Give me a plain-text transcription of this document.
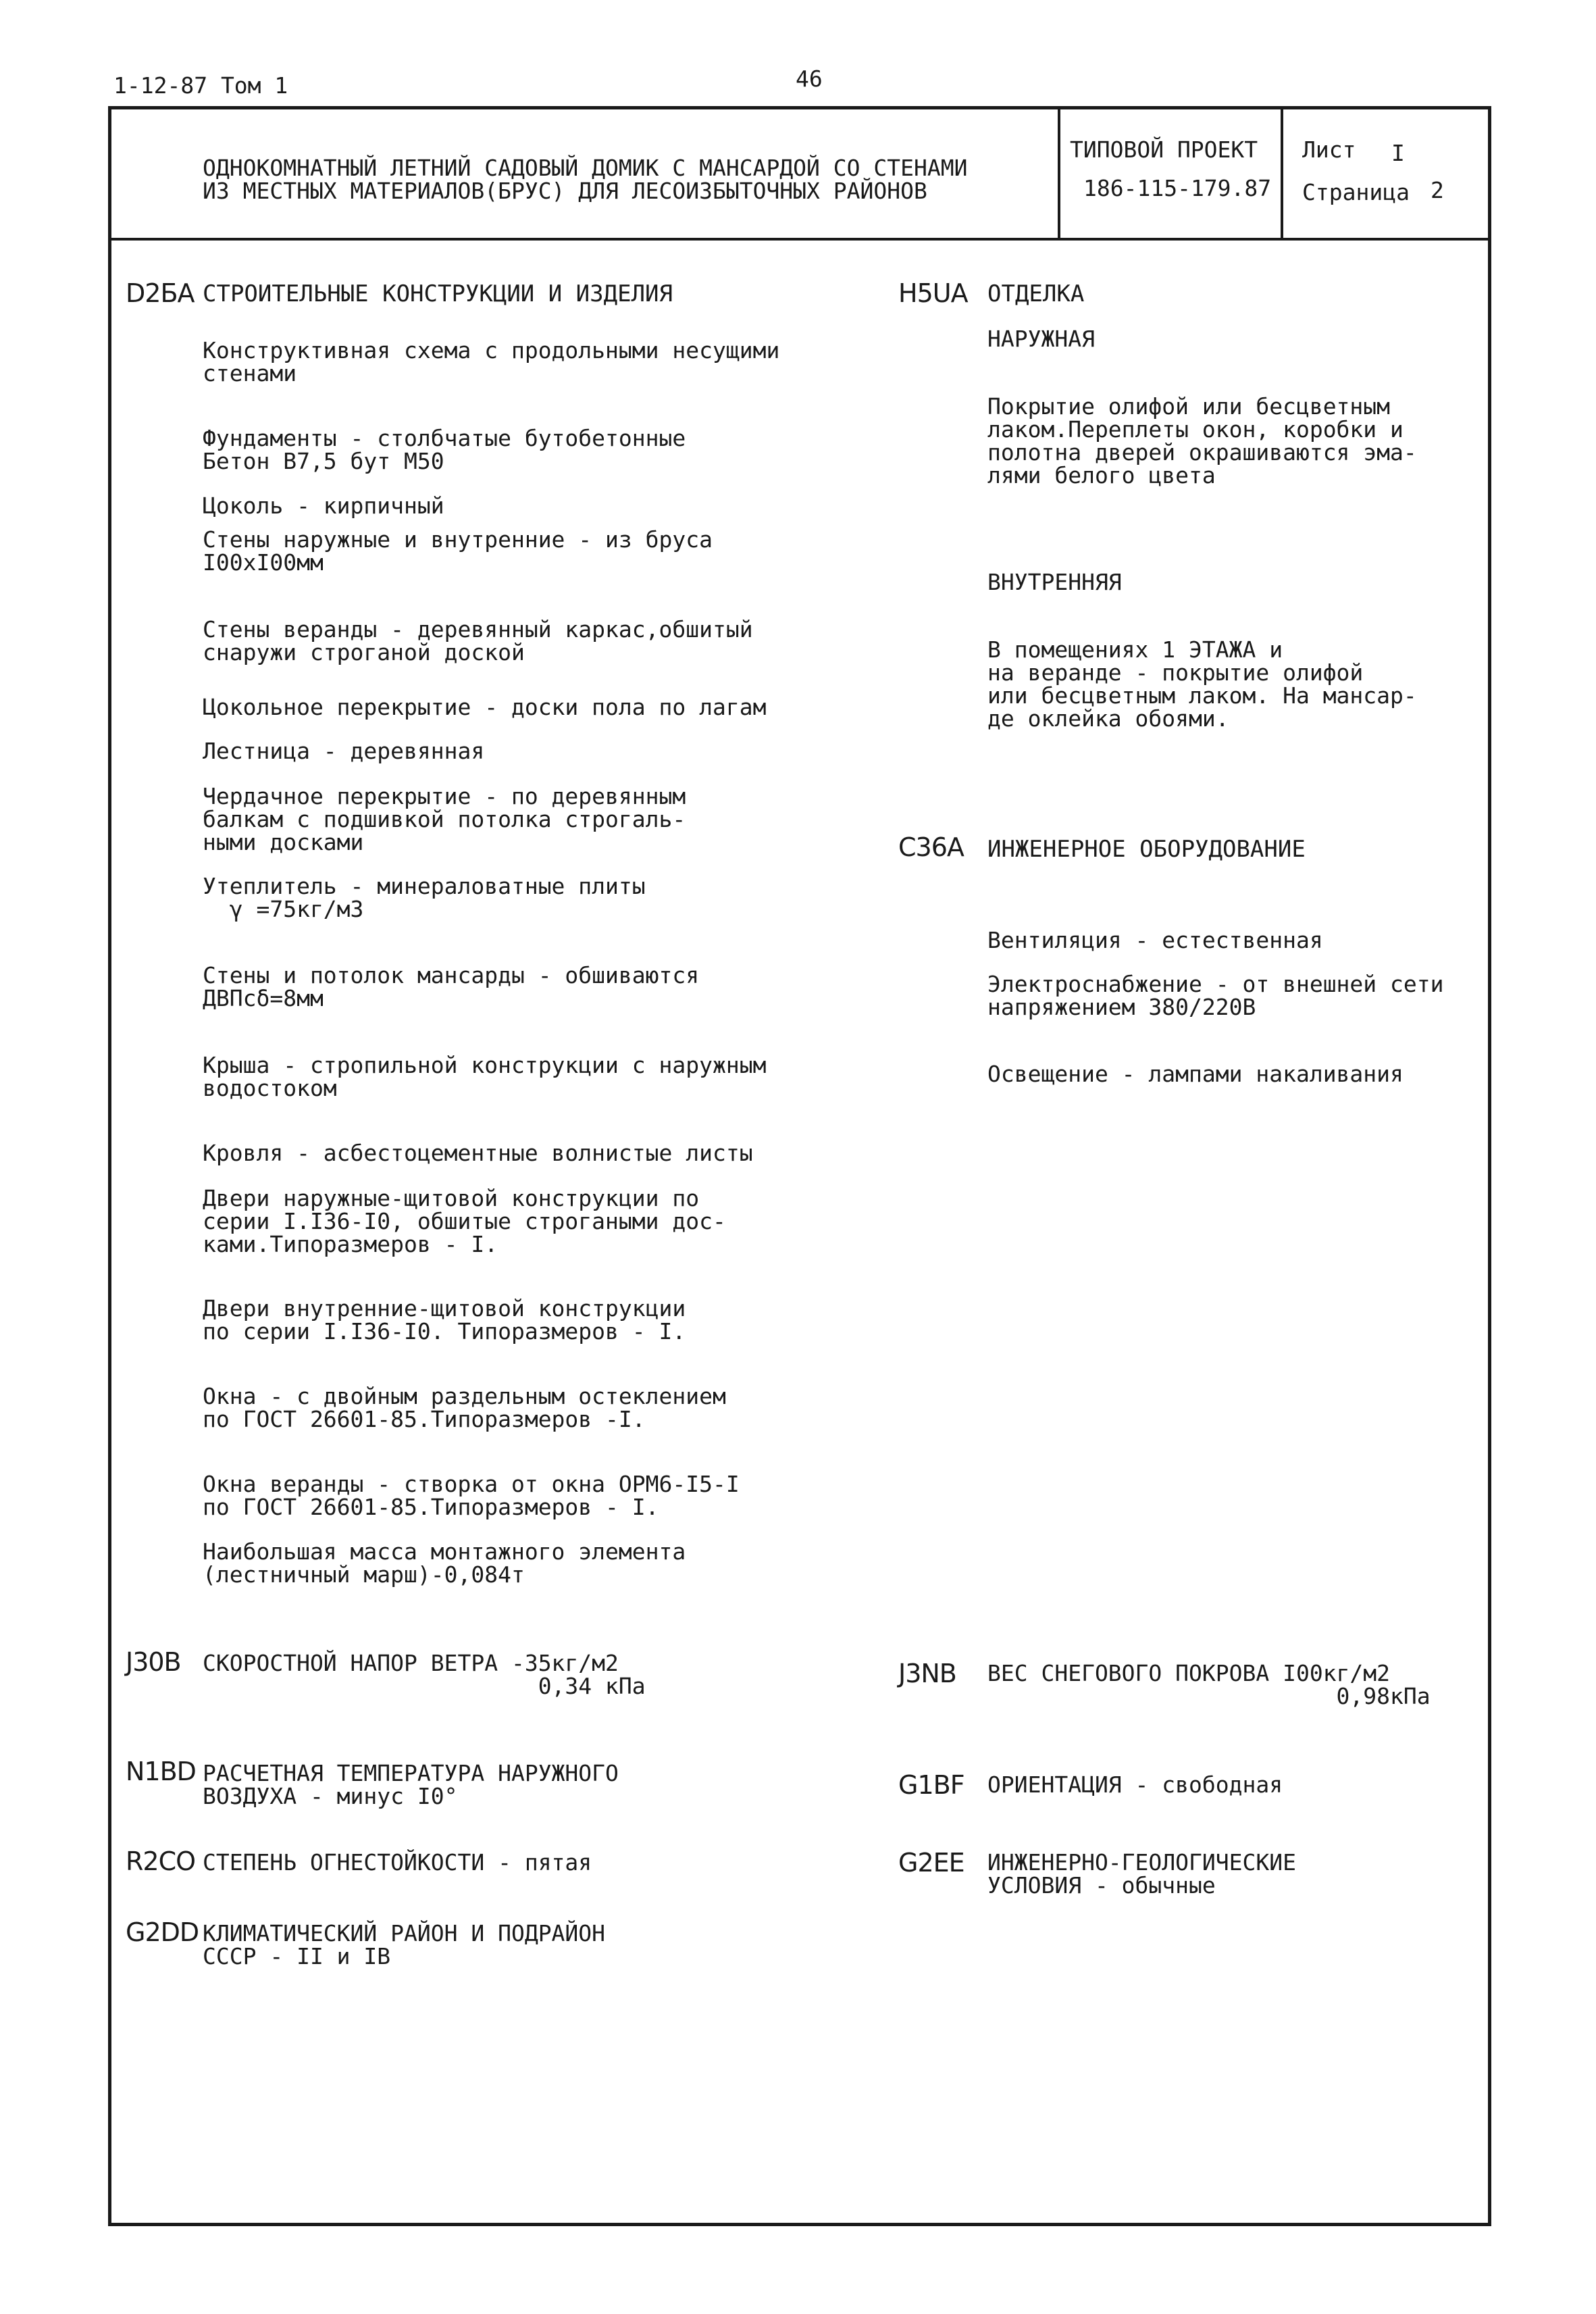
1-12-87 Том 1	46
ОДНОКОМНАТНЫЙ ЛЕТНИЙ САДОВЫЙ ДОМИК С МАНСАРДОЙ СО СТЕНАМИ
ИЗ МЕСТНЫХ МАТЕРИАЛОВ(БРУС) ДЛЯ ЛЕСОИЗБЫТОЧНЫХ РАЙОНОВ
ТИПОВОЙ ПРОЕКТ
186-115-179.87
Лист I
Страница 2
D2БА СТРОИТЕЛЬНЫЕ КОНСТРУКЦИИ И ИЗДЕЛИЯ
Конструктивная схема с продольными несущими
стенами
Фундаменты - столбчатые бутобетонные
Бетон В7,5 бут М50
Цоколь - кирпичный
Стены наружные и внутренние - из бруса
I00xI00мм
Стены веранды - деревянный каркас,обшитый
снаружи строганой доской
Цокольное перекрытие - доски пола по лагам
Лестница - деревянная
Чердачное перекрытие - по деревянным
балкам с подшивкой потолка строгаль-
ными досками
Утеплитель - минераловатные плиты
γ =75кг/м3
Стены и потолок мансарды - обшиваются
ДВПсδ=8мм
Крыша - стропильной конструкции с наружным
водостоком
Кровля - асбестоцементные волнистые листы
Двери наружные-щитовой конструкции по
серии I.I36-I0, обшитые строгаными дос-
ками.Типоразмеров - I.
Двери внутренние-щитовой конструкции
по серии I.I36-I0. Типоразмеров - I.
Окна - с двойным раздельным остеклением
по ГОСТ 26601-85.Типоразмеров -I.
Окна веранды - створка от окна ОРМ6-I5-I
по ГОСТ 26601-85.Типоразмеров - I.
Наибольшая масса монтажного элемента
(лестничный марш)-0,084т
Н5UА ОТДЕЛКА
НАРУЖНАЯ
Покрытие олифой или бесцветным
лаком.Переплеты окон, коробки и
полотна дверей окрашиваются эма-
лями белого цвета
ВНУТРЕННЯЯ
В помещениях 1 ЭТАЖА и
на веранде - покрытие олифой
или бесцветным лаком. На мансар-
де оклейка обоями.
С36А ИНЖЕНЕРНОЕ ОБОРУДОВАНИЕ
Вентиляция - естественная
Электроснабжение - от внешней сети
напряжением 380/220В
Освещение - лампами накаливания
J30В СКОРОСТНОЙ НАПОР ВЕТРА -35кг/м2
0,34 кПа
N1ВD РАСЧЕТНАЯ ТЕМПЕРАТУРА НАРУЖНОГО
ВОЗДУХА - минус I0°
R2СО СТЕПЕНЬ ОГНЕСТОЙКОСТИ - пятая
G2DD КЛИМАТИЧЕСКИЙ РАЙОН И ПОДРАЙОН
СССР - II и IВ
J3NВ ВЕС СНЕГОВОГО ПОКРОВА I00кг/м2
0,98кПа
G1ВF ОРИЕНТАЦИЯ - свободная
G2ЕЕ ИНЖЕНЕРНО-ГЕОЛОГИЧЕСКИЕ
УСЛОВИЯ - обычные
